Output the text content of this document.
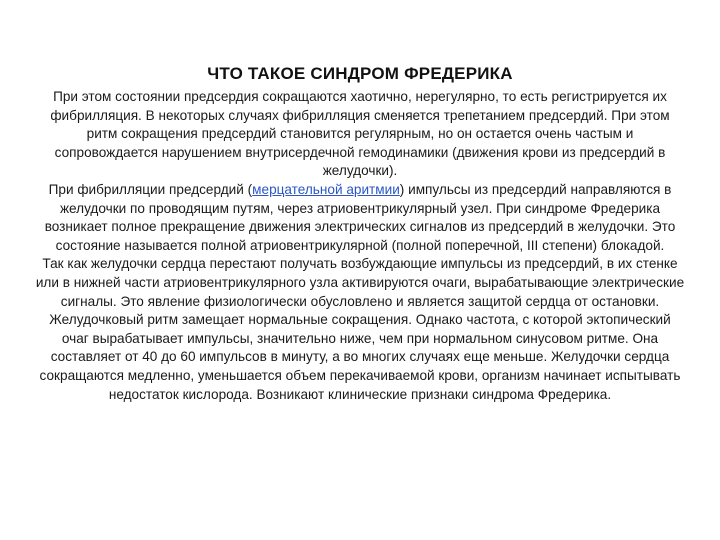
ЧТО ТАКОЕ СИНДРОМ ФРЕДЕРИКА

При этом состоянии предсердия сокращаются хаотично, нерегулярно, то есть регистрируется их фибрилляция. В некоторых случаях фибрилляция сменяется трепетанием предсердий. При этом ритм сокращения предсердий становится регулярным, но он остается очень частым и сопровождается нарушением внутрисердечной гемодинамики (движения крови из предсердий в желудочки).

При фибрилляции предсердий (мерцательной аритмии) импульсы из предсердий направляются в желудочки по проводящим путям, через атриовентрикулярный узел. При синдроме Фредерика возникает полное прекращение движения электрических сигналов из предсердий в желудочки. Это состояние называется полной атриовентрикулярной (полной поперечной, III степени) блокадой.

Так как желудочки сердца перестают получать возбуждающие импульсы из предсердий, в их стенке или в нижней части атриовентрикулярного узла активируются очаги, вырабатывающие электрические сигналы. Это явление физиологически обусловлено и является защитой сердца от остановки. Желудочковый ритм замещает нормальные сокращения. Однако частота, с которой эктопический очаг вырабатывает импульсы, значительно ниже, чем при нормальном синусовом ритме. Она составляет от 40 до 60 импульсов в минуту, а во многих случаях еще меньше. Желудочки сердца сокращаются медленно, уменьшается объем перекачиваемой крови, организм начинает испытывать недостаток кислорода. Возникают клинические признаки синдрома Фредерика.
